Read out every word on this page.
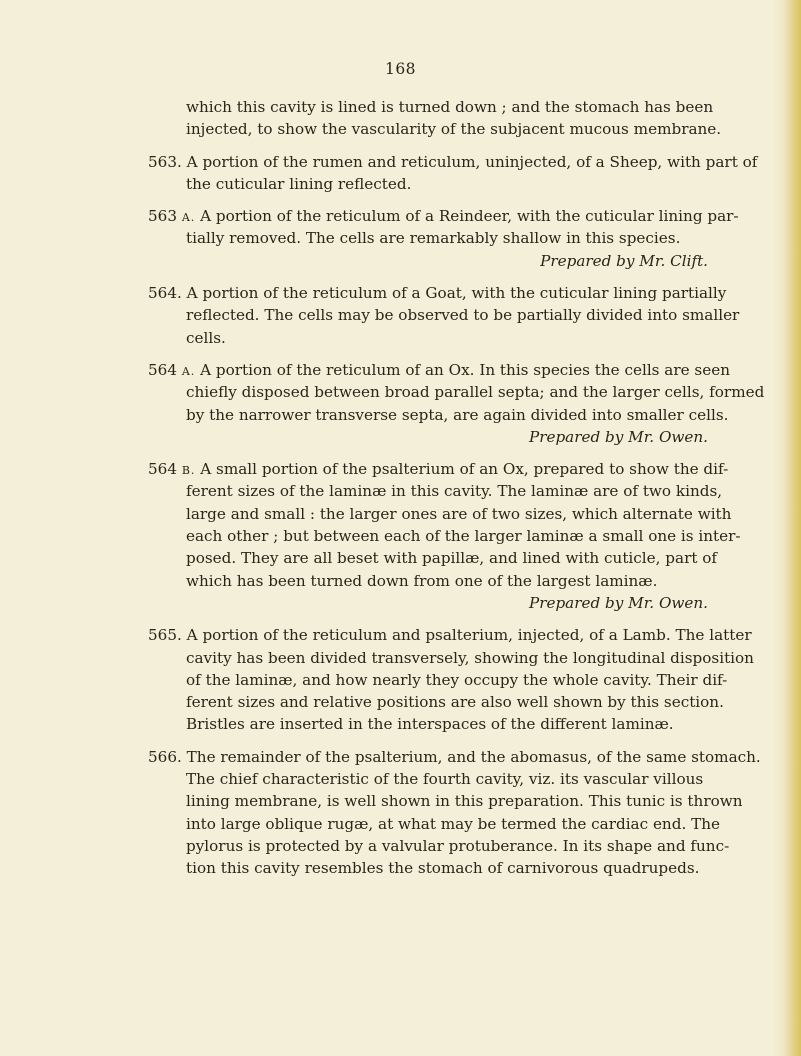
168
which this cavity is lined is turned down ; and the stomach has been
injected, to show the vascularity of the subjacent mucous membrane.
563. A portion of the rumen and reticulum, uninjected, of a Sheep, with part of
the cuticular lining reflected.
563 A. A portion of the reticulum of a Reindeer, with the cuticular lining par-
tially removed. The cells are remarkably shallow in this species.
Prepared by Mr. Clift.
564. A portion of the reticulum of a Goat, with the cuticular lining partially
reflected. The cells may be observed to be partially divided into smaller
cells.
564 A. A portion of the reticulum of an Ox. In this species the cells are seen
chiefly disposed between broad parallel septa; and the larger cells, formed
by the narrower transverse septa, are again divided into smaller cells.
Prepared by Mr. Owen.
564 B. A small portion of the psalterium of an Ox, prepared to show the dif-
ferent sizes of the laminæ in this cavity. The laminæ are of two kinds,
large and small : the larger ones are of two sizes, which alternate with
each other ; but between each of the larger laminæ a small one is inter-
posed. They are all beset with papillæ, and lined with cuticle, part of
which has been turned down from one of the largest laminæ.
Prepared by Mr. Owen.
565. A portion of the reticulum and psalterium, injected, of a Lamb. The latter
cavity has been divided transversely, showing the longitudinal disposition
of the laminæ, and how nearly they occupy the whole cavity. Their dif-
ferent sizes and relative positions are also well shown by this section.
Bristles are inserted in the interspaces of the different laminæ.
566. The remainder of the psalterium, and the abomasus, of the same stomach.
The chief characteristic of the fourth cavity, viz. its vascular villous
lining membrane, is well shown in this preparation. This tunic is thrown
into large oblique rugæ, at what may be termed the cardiac end. The
pylorus is protected by a valvular protuberance. In its shape and func-
tion this cavity resembles the stomach of carnivorous quadrupeds.
